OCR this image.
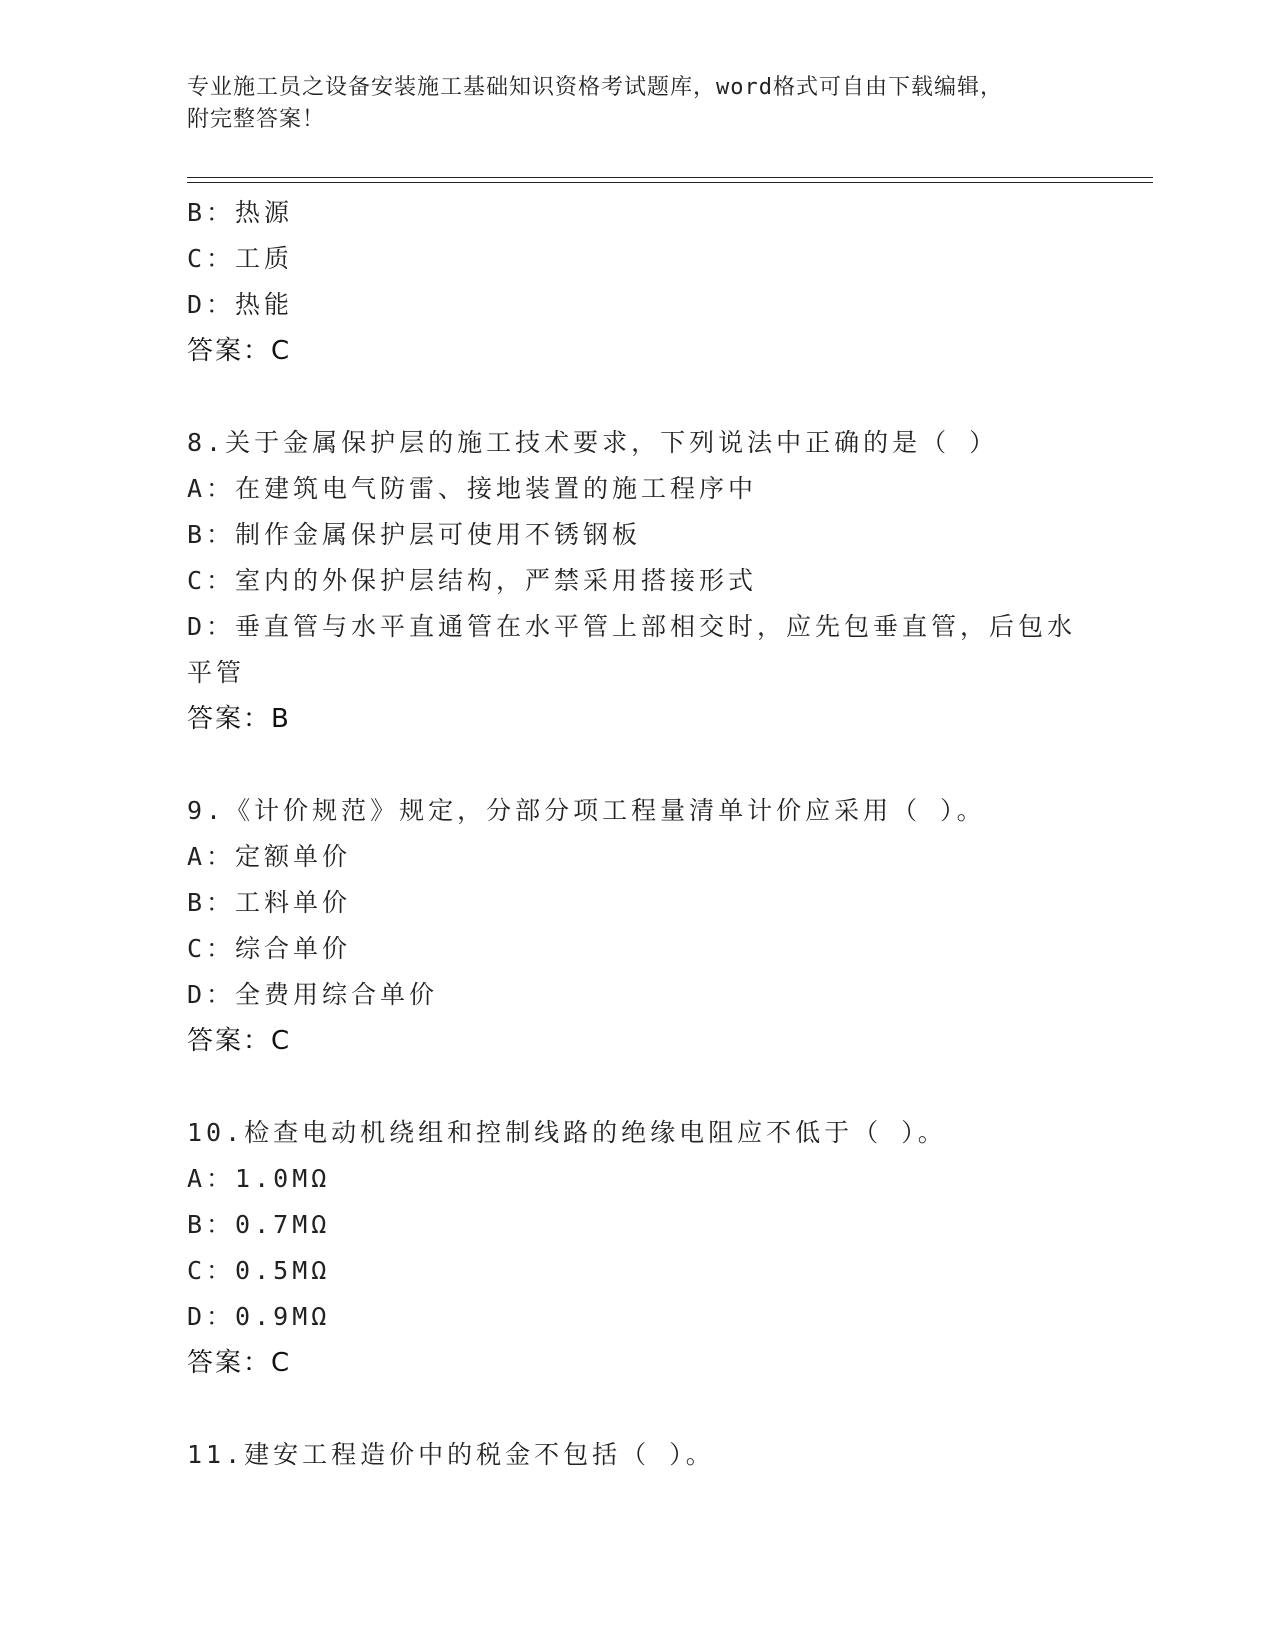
专业施工员之设备安装施工基础知识资格考试题库，word格式可自由下载编辑，
附完整答案！
B：热源
C：工质
D：热能
答案：C
8.关于金属保护层的施工技术要求，下列说法中正确的是（ ）
A：在建筑电气防雷、接地装置的施工程序中
B：制作金属保护层可使用不锈钢板
C：室内的外保护层结构，严禁采用搭接形式
D：垂直管与水平直通管在水平管上部相交时，应先包垂直管，后包水
平管
答案：B
9.《计价规范》规定，分部分项工程量清单计价应采用（ ）。
A：定额单价
B：工料单价
C：综合单价
D：全费用综合单价
答案：C
10.检查电动机绕组和控制线路的绝缘电阻应不低于（ ）。
A：1.0MΩ
B：0.7MΩ
C：0.5MΩ
D：0.9MΩ
答案：C
11.建安工程造价中的税金不包括（ ）。
